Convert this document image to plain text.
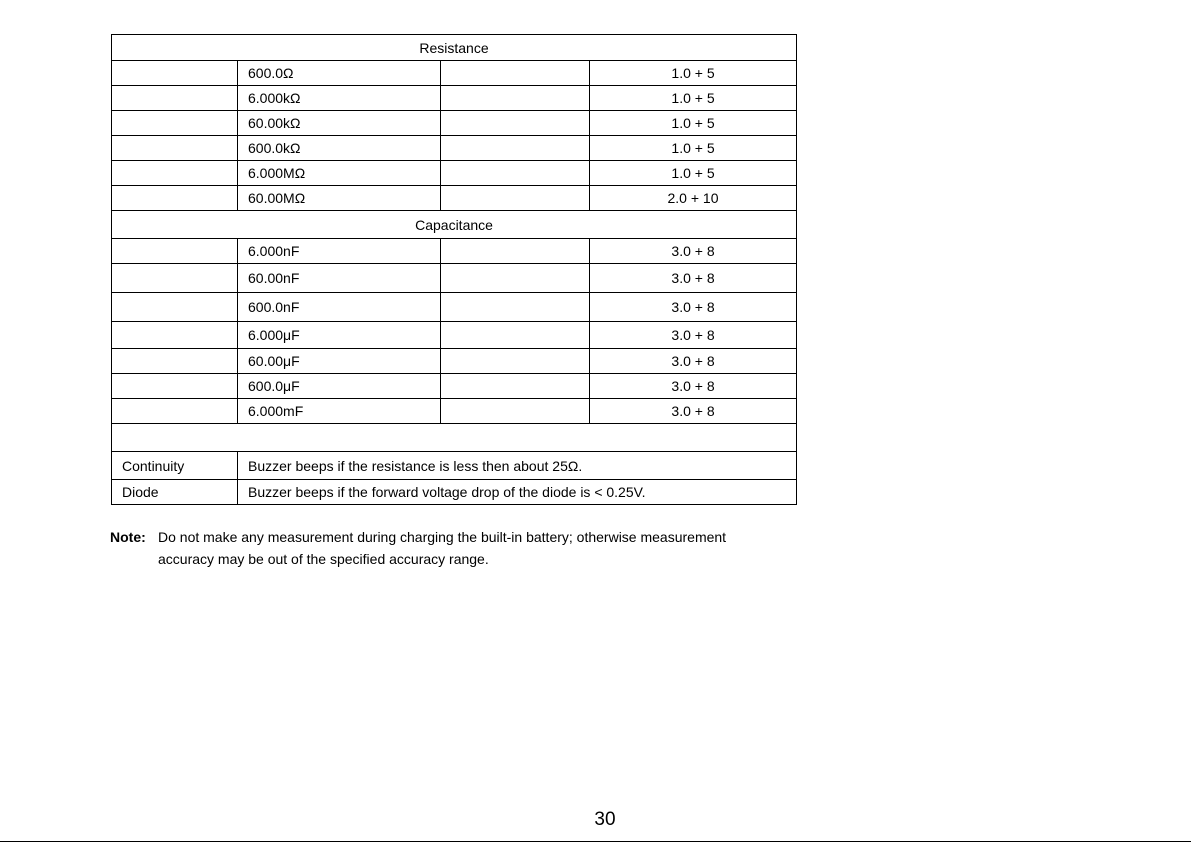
Resistance			
	600.0Ω		1.0 + 5
	6.000kΩ		1.0 + 5
	60.00kΩ		1.0 + 5
	600.0kΩ		1.0 + 5
	6.000MΩ		1.0 + 5
	60.00MΩ		2.0 + 10
Capacitance			
	6.000nF		3.0 + 8
	60.00nF		3.0 + 8
	600.0nF		3.0 + 8
	6.000μF		3.0 + 8
	60.00μF		3.0 + 8
	600.0μF		3.0 + 8
	6.000mF		3.0 + 8

Continuity	Buzzer beeps if the resistance is less then about 25Ω.		
Diode	Buzzer beeps if the forward voltage drop of the diode is < 0.25V.		
Note: Do not make any measurement during charging the built-in battery; otherwise measurement
accuracy may be out of the specified accuracy range.
30
